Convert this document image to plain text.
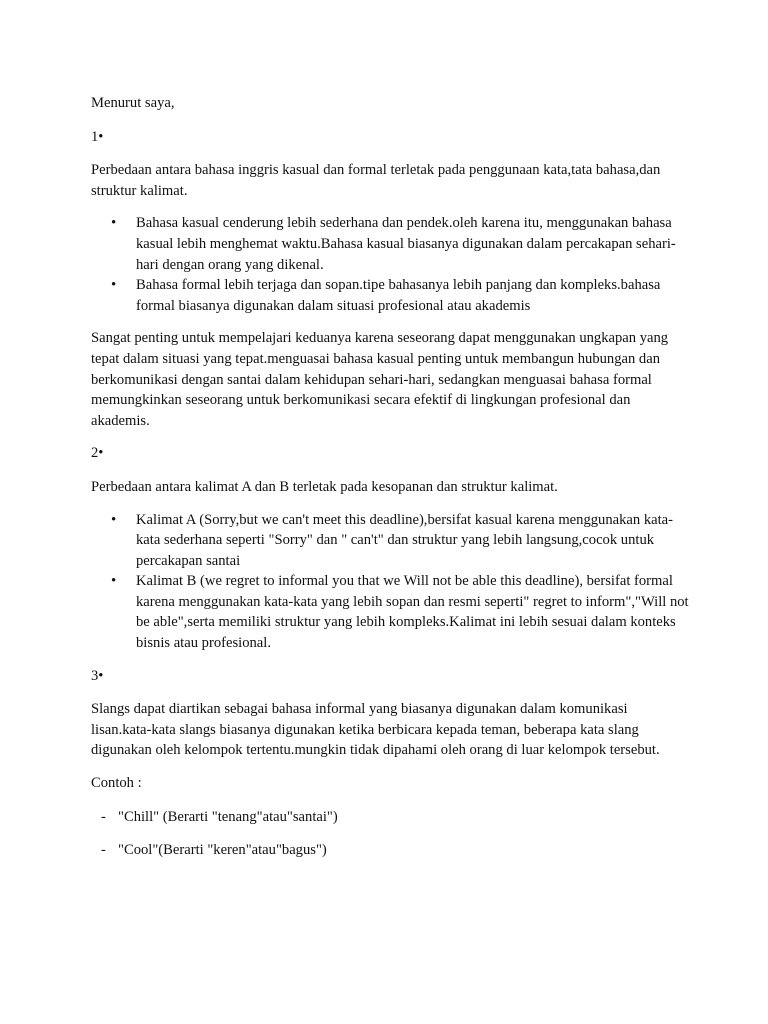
Menurut saya,

1•

Perbedaan antara bahasa inggris kasual dan formal terletak pada penggunaan kata,tata bahasa,dan struktur kalimat.

• Bahasa kasual cenderung lebih sederhana dan pendek.oleh karena itu, menggunakan bahasa kasual lebih menghemat waktu.Bahasa kasual biasanya digunakan dalam percakapan sehari-hari dengan orang yang dikenal.
• Bahasa formal lebih terjaga dan sopan.tipe bahasanya lebih panjang dan kompleks.bahasa formal biasanya digunakan dalam situasi profesional atau akademis

Sangat penting untuk mempelajari keduanya karena seseorang dapat menggunakan ungkapan yang tepat dalam situasi yang tepat.menguasai bahasa kasual penting untuk membangun hubungan dan berkomunikasi dengan santai dalam kehidupan sehari-hari, sedangkan menguasai bahasa formal memungkinkan seseorang untuk berkomunikasi secara efektif di lingkungan profesional dan akademis.

2•

Perbedaan antara kalimat A dan B terletak pada kesopanan dan struktur kalimat.

• Kalimat A (Sorry,but we can't meet this deadline),bersifat kasual karena menggunakan kata-kata sederhana seperti "Sorry" dan " can't" dan struktur yang lebih langsung,cocok untuk percakapan santai
• Kalimat B (we regret to informal you that we Will not be able this deadline), bersifat formal karena menggunakan kata-kata yang lebih sopan dan resmi seperti" regret to inform","Will not be able",serta memiliki struktur yang lebih kompleks.Kalimat ini lebih sesuai dalam konteks bisnis atau profesional.

3•

Slangs dapat diartikan sebagai bahasa informal yang biasanya digunakan dalam komunikasi lisan.kata-kata slangs biasanya digunakan ketika berbicara kepada teman, beberapa kata slang digunakan oleh kelompok tertentu.mungkin tidak dipahami oleh orang di luar kelompok tersebut.

Contoh :

- "Chill" (Berarti "tenang"atau"santai")
- "Cool"(Berarti "keren"atau"bagus")
